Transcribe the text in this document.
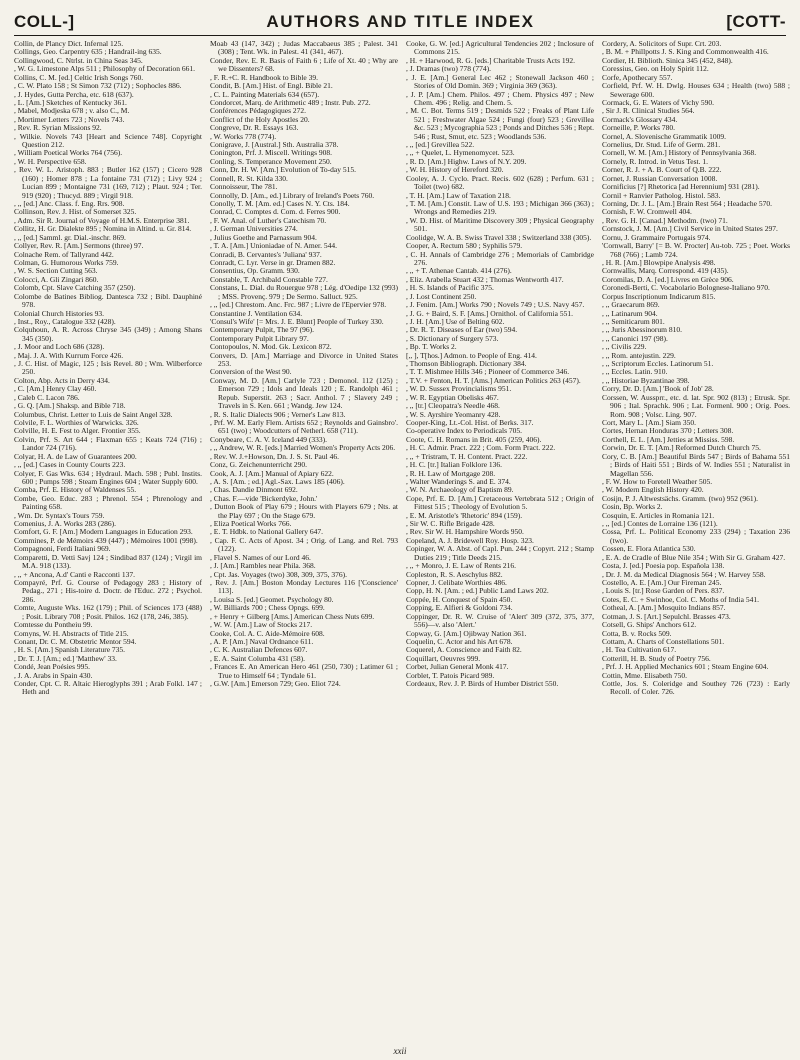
COLL-]	AUTHORS AND TITLE INDEX	[COTT-
Collin, de Plancy Dict. Infernal 125.
Collings, Geo. Carpentry 635 ; Handrail-ing 635.
Collingwood, C. Ntrlst. in China Seas 345.
, W. G. Limestone Alps 511 ; Philosophy of Decoration 661.
Collins, C. M. [ed.] Celtic Irish Songs 760.
, C. W. Plato 158 ; St Simon 732 (712) ; Sophocles 886.
, J. Hydes, Gutta Percha, etc. 618 (637).
, L. [Am.] Sketches of Kentucky 361.
, Mabel, Modjeska 678 ; v. also C., M.
, Mortimer Letters 723 ; Novels 743.
, Rev. R. Syrian Missions 92.
, Wilkie. Novels 743 [Heart and Science 748]. Copyright Question 212.
, William Poetical Works 764 (756).
, W. H. Perspective 658.
, Rev. W. L. Aristoph. 883 ; Butler 162 (157) ; Cicero 928 (160) ; Homer 878 ; La fontaine 731 (712) ; Livy 924 ; Lucian 899 ; Montaigne 731 (169, 712) ; Plaut. 924 ; Ter. 919 (920) ; Thucyd. 889 ; Virgil 918.
, ,, [ed.] Anc. Class. f. Eng. Rrs. 908.
Collinson, Rev. J. Hist. of Somerset 325.
, Adm. Sir R. Journal of Voyage of H.M.S. Enterprise 381.
Collitz, H. Gr. Dialekte 895 ; Nomina in Altind. u. Gr. 814.
, ,, [ed.] Samml. gr. Dial.-inschr. 869.
Collyer, Rev. R. [Am.] Sermons (three) 97.
Colnache Rem. of Tallyrand 442.
Colman, G. Humorous Works 759.
, W. S. Section Cutting 563.
Colocci, A. Gli Zingari 860.
Colomb, Cpt. Slave Catching 357 (250).
Colombe de Batines Bibliog. Dantesca 732 ; Bibl. Dauphiné 978.
Colonial Church Histories 93.
, Inst., Roy., Catalogue 332 (428).
Colquhoun, A. R. Across Chryse 345 (349) ; Among Shans 345 (350).
, J. Moor and Loch 686 (328).
, Maj. J. A. With Kurrum Force 426.
, J. C. Hist. of Magic, 125 ; Isis Revel. 80 ; Wm. Wilberforce 250.
Colton, Abp. Acts in Derry 434.
, C. [Am.] Henry Clay 460.
, Caleb C. Lacon 786.
, G. Q. [Am.] Shaksp. and Bible 718.
Columbus, Christ. Letter to Luis de Saint Angel 328.
Colvile, F. L. Worthies of Warwicks. 326.
Colville, H. E. Fest to Alger. Frontier 355.
Colvin, Prf. S. Art 644 ; Flaxman 655 ; Keats 724 (716) ; Landor 724 (716).
Colyar, H. A. de Law of Guarantees 200.
, ,, [ed.] Cases in County Courts 223.
Colyer, F. Gas Wks. 634 ; Hydraul. Mach. 598 ; Publ. Instits. 600 ; Pumps 598 ; Steam Engines 604 ; Water Supply 600.
Comba, Prf. E. History of Waldenses 55.
Combe, Geo. Educ. 283 ; Phrenol. 554 ; Phrenology and Painting 658.
, Wm. Dr. Syntax's Tours 759.
Comenius, J. A. Works 283 (286).
Comfort, G. F. [Am.] Modern Languages in Education 293.
Commines, P. de Mémoirs 439 (447) ; Mémoires 1001 (998).
Compagnoni, Ferdi Italiani 969.
Comparetti, D. Vetti Savj 124 ; Sindibad 837 (124) ; Virgil im M.A. 918 (133).
, ,, + Ancona, A.d' Canti e Racconti 137.
Compayré, Prf. G. Course of Pedagogy 283 ; History of Pedag., 271 ; His-toire d. Doctr. de l'Educ. 272 ; Psychol. 286.
Comte, Auguste Wks. 162 (179) ; Phil. of Sciences 173 (488) ; Posit. Library 708 ; Posit. Philos. 162 (178, 246, 385).
Comtesse du Pontheiu 99.
Comyns, W. H. Abstracts of Title 215.
Conant, Dr. C. M. Obstetric Mentor 594.
, H. S. [Am.] Spanish Literature 735.
, Dr. T. J. [Am.; ed.] 'Matthew' 33.
Condé, Jean Poésies 995.
, J. A. Arabs in Spain 430.
Conder, Cpt. C. R. Altaic Hieroglyphs 391 ; Arab Folkl. 147 ; Heth and
Moab 43 (147, 342) ; Judas Maccabaeus 385 ; Palest. 341 (308) ; Tent. Wk. in Palest. 41 (341, 467).
Conder, Rev. E. R. Basis of Faith 6 ; Life of Xt. 40 ; Why are we Dissenters? 68.
, F. R.+C. R. Handbook to Bible 39.
Condit, B. [Am.] Hist. of Engl. Bible 21.
, C. L. Painting Materials 634 (657).
Condorcet, Marq. de Arithmetic 489 ; Instr. Pub. 272.
Conférences Pédagogiques 272.
Conflict of the Holy Apostles 20.
Congreve, Dr. R. Essays 163.
, W. Works 778 (774).
Conigrave, J. [Austral.] Sth. Australia 378.
Conington, Prf. J. Miscell. Writings 908.
Conling, S. Temperance Movement 250.
Conn, Dr. H. W. [Am.] Evolution of To-day 515.
Connell, R. St. Kilda 330.
Connoisseur, The 781.
Connolly, D. [Am., ed.] Library of Ireland's Poets 760.
Conolly, T. M. [Am. ed.] Cases N. Y. Cts. 184.
Conrad, C. Comptes d. Com. d. Ferres 900.
, F. W. Anal. of Luther's Catechism 70.
, J. German Universities 274.
, Julius Goethe and Parnassum 904.
, T. A. [Am.] Unioniadae of N. Amer. 544.
Conradi, B. Cervantes's 'Juliana' 937.
Conradt, C. Lyr. Verse in gr. Dramen 882.
Consentius, Op. Gramm. 930.
Constable, T. Archibald Constable 727.
Constans, L. Dial. du Rouergue 978 ; Lég. d'Oedipe 132 (993) ; MSS. Provenç. 979 ; De Sermo. Salluct. 925.
, ,, [ed.] Chrestom. Anc. Frc. 987 ; Livre de l'Epervier 978.
Constantine J. Ventilation 634.
'Consul's Wife' [= Mrs. J. E. Blunt] People of Turkey 330.
Contemporary Pulpit, The 97 (96).
Contemporary Pulpit Library 97.
Contopoulos, N. Mod. Gk. Lexicon 872.
Convers, D. [Am.] Marriage and Divorce in United States 253.
Conversion of the West 90.
Conway, M. D. [Am.] Carlyle 723 ; Demonol. 112 (125) ; Emerson 729 ; Idols and Ideals 120 ; E. Randolph 461 ; Repub. Superstit. 263 ; Sacr. Anthol. 7 ; Slavery 249 ; Travels in S. Ken. 661 ; Wandg. Jew 124.
, R. S. Italic Dialects 906 ; Verner's Law 813.
, Prf. W. M. Early Flem. Artists 652 ; Reynolds and Gainsbro'. 651 (two) ; Woodcutters of Netherl. 658 (711).
Conybeare, C. A. V. Iceland 449 (333).
, ,, Andrew, W. R. [eds.] Married Women's Property Acts 206.
, Rev. W. J.+Howson, Dn. J. S. St. Paul 46.
Conz, G. Zeichenunterricht 290.
Cook, A. J. [Am.] Manual of Apiary 622.
, A. S. [Am. ; ed.] Agl.-Sax. Laws 185 (406).
, Chas. Dandie Dinmont 692.
, Chas. F.—vide 'Bickerdyke, John.'
, Dutton Book of Play 679 ; Hours with Players 679 ; Nts. at the Play 697 ; On the Stage 679.
, Eliza Poetical Works 766.
, E. T. Hdbk. to National Gallery 647.
, Cap. F. C. Acts of Apost. 34 ; Orig. of Lang. and Rel. 793 (122).
, Flavel S. Names of our Lord 46.
, J. [Am.] Rambles near Phila. 368.
, Cpt. Jas. Voyages (two) 308, 309, 375, 376).
, Rev. J. [Am.] Boston Monday Lectures 116 ['Conscience' 113].
, Louisa S. [ed.] Geomet. Psychology 80.
, W. Billiards 700 ; Chess Opngs. 699.
, + Henry + Gilberg [Ams.] American Chess Nuts 699.
, W. W. [Am.] Law of Stocks 217.
Cooke, Col. A. C. Aide-Mémoire 608.
, A. P. [Am.] Naval Ordnance 611.
, C. K. Australian Defences 607.
, E. A. Saint Columba 431 (58).
, Frances E. An American Hero 461 (250, 730) ; Latimer 61 ; True to Himself 64 ; Tyndale 61.
, G.W. [Am.] Emerson 729; Geo. Eliot 724.
Cooke, G. W. [ed.] Agricultural Tendencies 202 ; Inclosure of Commons 215.
, H. + Harwood, R. G. [eds.] Charitable Trusts Acts 192.
, J. Dramas (two) 778 (774).
, J. E. [Am.] General Lec 462 ; Stonewall Jackson 460 ; Stories of Old Domin. 369 ; Virginia 369 (363).
, J. P. [Am.] Chem. Philos. 497 ; Chem. Physics 497 ; New Chem. 496 ; Relig. and Chem. 5.
, M. C. Bot. Terms 519 ; Desmids 522 ; Freaks of Plant Life 521 ; Freshwater Algae 524 ; Fungi (four) 523 ; Grevillea &c. 523 ; Mycographia 523 ; Ponds and Ditches 536 ; Rept. 546 ; Rust, Smut, etc. 523 ; Woodlands 536.
, ,, [ed.] Grevillea 522.
, ,, + Quelet, L. Hymenomycet. 523.
, R. D. [Am.] Highw. Laws of N.Y. 209.
, W. H. History of Hereford 320.
Cooley, A. J. Cyclo. Pract. Recis. 602 (628) ; Perfum. 631 ; Toilet (two) 682.
, T. H. [Am.] Law of Taxation 218.
, T. M. [Am.] Constit. Law of U.S. 193 ; Michigan 366 (363) ; Wrongs and Remedies 219.
, W. D. Hist. of Maritime Discovery 309 ; Physical Geography 501.
Coolidge, W. A. B. Swiss Travel 338 ; Switzerland 338 (305).
Cooper, A. Rectum 580 ; Syphilis 579.
, C. H. Annals of Cambridge 276 ; Memorials of Cambridge 276.
, ,, + T. Athenae Cantab. 414 (276).
, Eliz. Arabella Stuart 432 ; Thomas Wentworth 417.
, H. S. Islands of Pacific 375.
, J. Lost Continent 250.
, J. Fenim. [Am.] Works 790 ; Novels 749 ; U.S. Navy 457.
, J. G. + Baird, S. F. [Ams.] Ornithol. of California 551.
, J. H. [Am.] Use of Belting 602.
, Dr. R. T. Diseases of Ear (two) 594.
, S. Dictionary of Surgery 573.
, Bp. T. Works 2.
[,, ], T[hos.] Admon. to People of Eng. 414.
, Thomson Bibliograph. Dictionary 384.
, T. T. Mishmee Hills 346 ; Pioneer of Commerce 346.
, T.V. + Fenton, H. T. [Ams.] American Politics 263 (457).
, W. D. Sussex Provincialisms 951.
, W. R. Egyptian Obelisks 467.
, ,, [tr.] Cleopatra's Needle 468.
, W. S. Ayrshire Yeomanry 428.
Cooper-King, Lt.-Col. Hist. of Berks. 317.
Co-operative Index to Periodicals 705.
Coote, C. H. Romans in Brit. 405 (259, 406).
, H. C. Admir. Pract. 222 ; Com. Form Pract. 222.
, ,, + Tristram, T. H. Content. Pract. 222.
, H. C. [tr.] Italian Folklore 136.
, R. H. Law of Mortgage 208.
, Walter Wanderings S. and E. 374.
, W. N. Archaeology of Baptism 89.
Cope, Prf. E. D. [Am.] Cretaceous Vertebrata 512 ; Origin of Fittest 515 ; Theology of Evolution 5.
, E. M. Aristotle's 'Rhetoric' 894 (159).
, Sir W. C. Rifle Brigade 428.
, Rev. Sir W. H. Hampshire Words 950.
Copeland, A. J. Bridewell Roy. Hosp. 323.
Copinger, W. A. Abst. of Capl. Pun. 244 ; Copyrt. 212 ; Stamp Duties 219 ; Title Deeds 215.
, ,, + Monro, J. E. Law of Rents 216.
Copleston, R. S. Aeschylus 882.
Copner, J. Celibate Worthies 486.
Copp, H. N. [Am. ; ed.] Public Land Laws 202.
Coppée, H. Conquest of Spain 450.
Copping, E. Alfieri & Goldoni 734.
Coppinger, Dr. R. W. Cruise of 'Alert' 309 (372, 375, 377, 556)—v. also 'Alert.'
Copway, G. [Am.] Ojibway Nation 361.
Coquelin, C. Actor and his Art 678.
Coquerel, A. Conscience and Faith 82.
Coquillart, Oeuvres 999.
Corbet, Julian General Monk 417.
Corblet, T. Patois Picard 989.
Cordeaux, Rev. J. P. Birds of Humber District 550.
Cordery, A. Solicitors of Supr. Crt. 203.
, B. M. + Phillpotts J. S. King and Commonwealth 416.
Cordier, H. Biblioth. Sinica 345 (452, 848).
Coressius, Geo. on Holy Spirit 112.
Corfe, Apothecary 557.
Corfield, Prf. W. H. Dwlg. Houses 634 ; Health (two) 588 ; Sewerage 600.
Cormack, G. E. Waters of Vichy 590.
, Sir J. R. Clinical Studies 564.
Cormack's Glossary 434.
Corneille, P. Works 780.
Cornel, A. Slovenische Grammatik 1009.
Cornelius, Dr. Stud. Life of Germ. 281.
Cornell, W. M. [Am.] History of Pennsylvania 368.
Cornely, R. Introd. in Vetus Test. 1.
Corner, R. J. + A. B. Court of Q.B. 222.
Cornet, J. Russian Conversation 1008.
Cornificius [?] Rhetorica [ad Herennium] 931 (281).
Cornil + Ranvier Patholog. Histol. 583.
Corning, Dr. J. L. [Am.] Brain Rest 564 ; Headache 570.
Cornish, F. W. Cromwell 404.
, Rev. G. H. [Canad.] Methodm. (two) 71.
Cornstock, J. M. [Am.] Civil Service in United States 297.
Cornu, J. Grammaire Portugais 974.
'Cornwall, Barry' [= B. W. Procter] Au-tob. 725 ; Poet. Works 768 (766) ; Lamb 724.
, H. R. [Am.] Blowpipe Analysis 498.
Cornwallis, Marq. Correspond. 419 (435).
Coromilas, D. A. [ed.] Livres en Grèce 906.
Coronedi-Berti, C. Vocabolario Bolognese-Italiano 970.
Corpus Inscriptionum Indicarum 815.
, ,, Graecarum 869.
, ,, Latinarum 904.
, ,, Semiticarum 801.
, ,, Juris Abessinorum 810.
, ,, Canonici 197 (98).
, ,, Civilis 229.
, ,, Rom. antejustin. 229.
, ,, Scriptorum Eccles. Latinorum 51.
, ,, Eccles. Latin. 910.
, ,, Historiae Byzantinae 398.
Corry, Dr. D. [Am.] 'Book of Job' 28.
Corssen, W. Aussprr., etc. d. lat. Spr. 902 (813) ; Etrusk. Spr. 906 ; Ital. Sprachk. 906 ; Lat. Formenl. 900 ; Orig. Poes. Rom. 908 ; Volsc. Ling. 907.
Cort, Mary L. [Am.] Siam 350.
Cortes, Hernan Honduras 370 ; Letters 308.
Corthell, E. L. [Am.] Jetties at Mississ. 598.
Corwin, Dr. E. T. [Am.] Reformed Dutch Church 75.
Cory, C. B. [Am.] Beautiful Birds 547 ; Birds of Bahama 551 ; Birds of Haiti 551 ; Birds of W. Indies 551 ; Naturalist in Magellan 556.
, F. W. How to Foretell Weather 505.
, W. Modern English History 420.
Cosijn, P. J. Altwestsächs. Gramm. (two) 952 (961).
Cosin, Bp. Works 2.
Cosquin, E. Articles in Romania 121.
, ,, [ed.] Contes de Lorraine 136 (121).
Cossa, Prf. L. Political Economy 233 (294) ; Taxation 236 (two).
Cossen, E. Flora Atlantica 530.
, E. A. de Cradle of Blue Nile 354 ; With Sir G. Graham 427.
Costa, J. [ed.] Poesia pop. Española 138.
, Dr. J. M. da Medical Diagnosis 564 ; W. Harvey 558.
Costello, A. E. [Am.] Our Fireman 245.
, Louis S. [tr.] Rose Garden of Pers. 837.
Cotes, E. C. + Swinhoe, Col. C. Moths of India 541.
Cotheal, A. [Am.] Mosquito Indians 857.
Cotman, J. S. [Art.] Sepulchl. Brasses 473.
Cotsell, G. Ships' Anchors 612.
Cotta, B. v. Rocks 509.
Cottam, A. Charts of Constellations 501.
, H. Tea Cultivation 617.
Cotterill, H. B. Study of Poetry 756.
, Prf. J. H. Applied Mechanics 601 ; Steam Engine 604.
Cottin, Mme. Elisabeth 750.
Cottle, Jos. S. Coleridge and Southey 726 (723) : Early Recoll. of Coler. 726.
xxii
